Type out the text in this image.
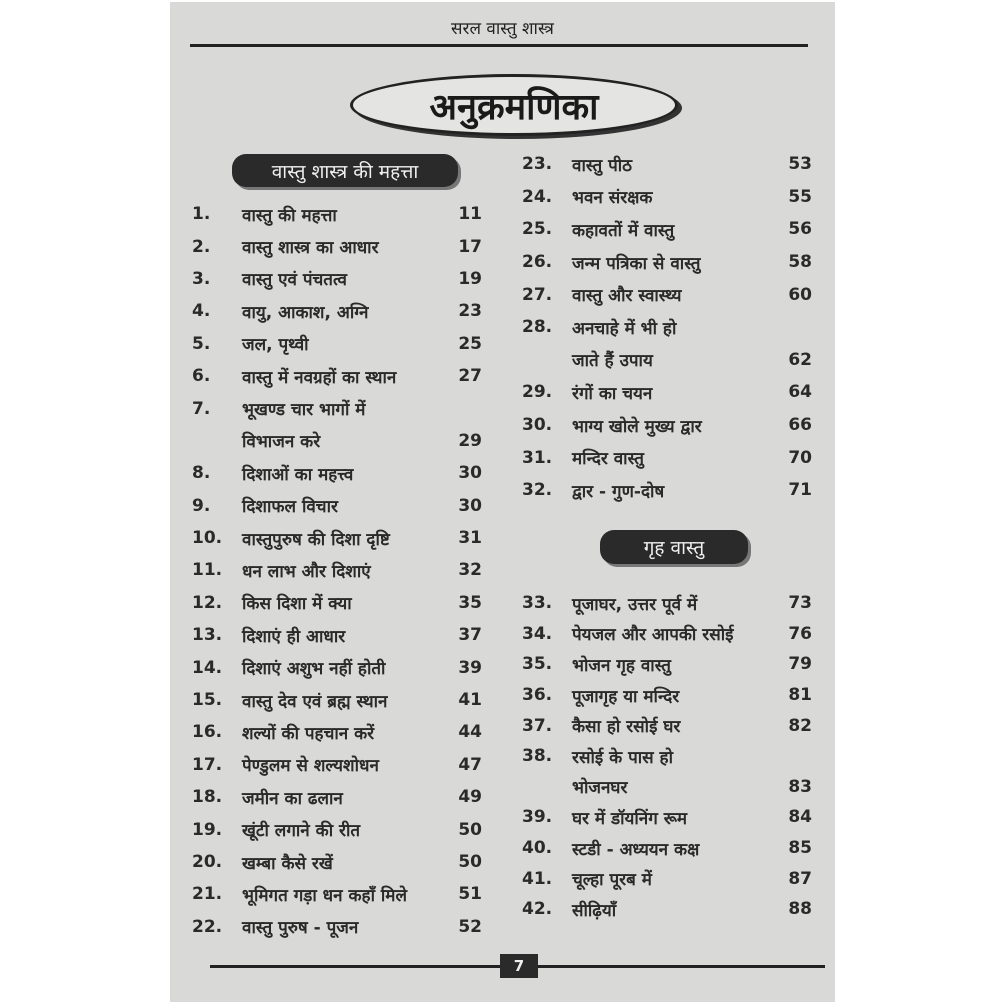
सरल वास्तु शास्त्र
अनुक्रमणिका
वास्तु शास्त्र की महत्ता
गृह वास्तु
1.	वास्तु की महत्ता	11
2.	वास्तु शास्त्र का आधार	17
3.	वास्तु एवं पंचतत्व	19
4.	वायु, आकाश, अग्नि	23
5.	जल, पृथ्वी	25
6.	वास्तु में नवग्रहों का स्थान	27
7.	भूखण्ड चार भागों में
विभाजन करे	29
8.	दिशाओं का महत्त्व	30
9.	दिशाफल विचार	30
10.	वास्तुपुरुष की दिशा दृष्टि	31
11.	धन लाभ और दिशाएं	32
12.	किस दिशा में क्या	35
13.	दिशाएं ही आधार	37
14.	दिशाएं अशुभ नहीं होती	39
15.	वास्तु देव एवं ब्रह्म स्थान	41
16.	शल्यों की पहचान करें	44
17.	पेण्डुलम से शल्यशोधन	47
18.	जमीन का ढलान	49
19.	खूंटी लगाने की रीत	50
20.	खम्बा कैसे रखें	50
21.	भूमिगत गड़ा धन कहाँ मिले	51
22.	वास्तु पुरुष - पूजन	52
23.	वास्तु पीठ	53
24.	भवन संरक्षक	55
25.	कहावतों में वास्तु	56
26.	जन्म पत्रिका से वास्तु	58
27.	वास्तु और स्वास्थ्य	60
28.	अनचाहे में भी हो
जाते हैं उपाय	62
29.	रंगों का चयन	64
30.	भाग्य खोले मुख्य द्वार	66
31.	मन्दिर वास्तु	70
32.	द्वार - गुण-दोष	71
33.	पूजाघर, उत्तर पूर्व में	73
34.	पेयजल और आपकी रसोई	76
35.	भोजन गृह वास्तु	79
36.	पूजागृह या मन्दिर	81
37.	कैसा हो रसोई घर	82
38.	रसोई के पास हो
भोजनघर	83
39.	घर में डॉयनिंग रूम	84
40.	स्टडी - अध्ययन कक्ष	85
41.	चूल्हा पूरब में	87
42.	सीढ़ियाँ	88
7
